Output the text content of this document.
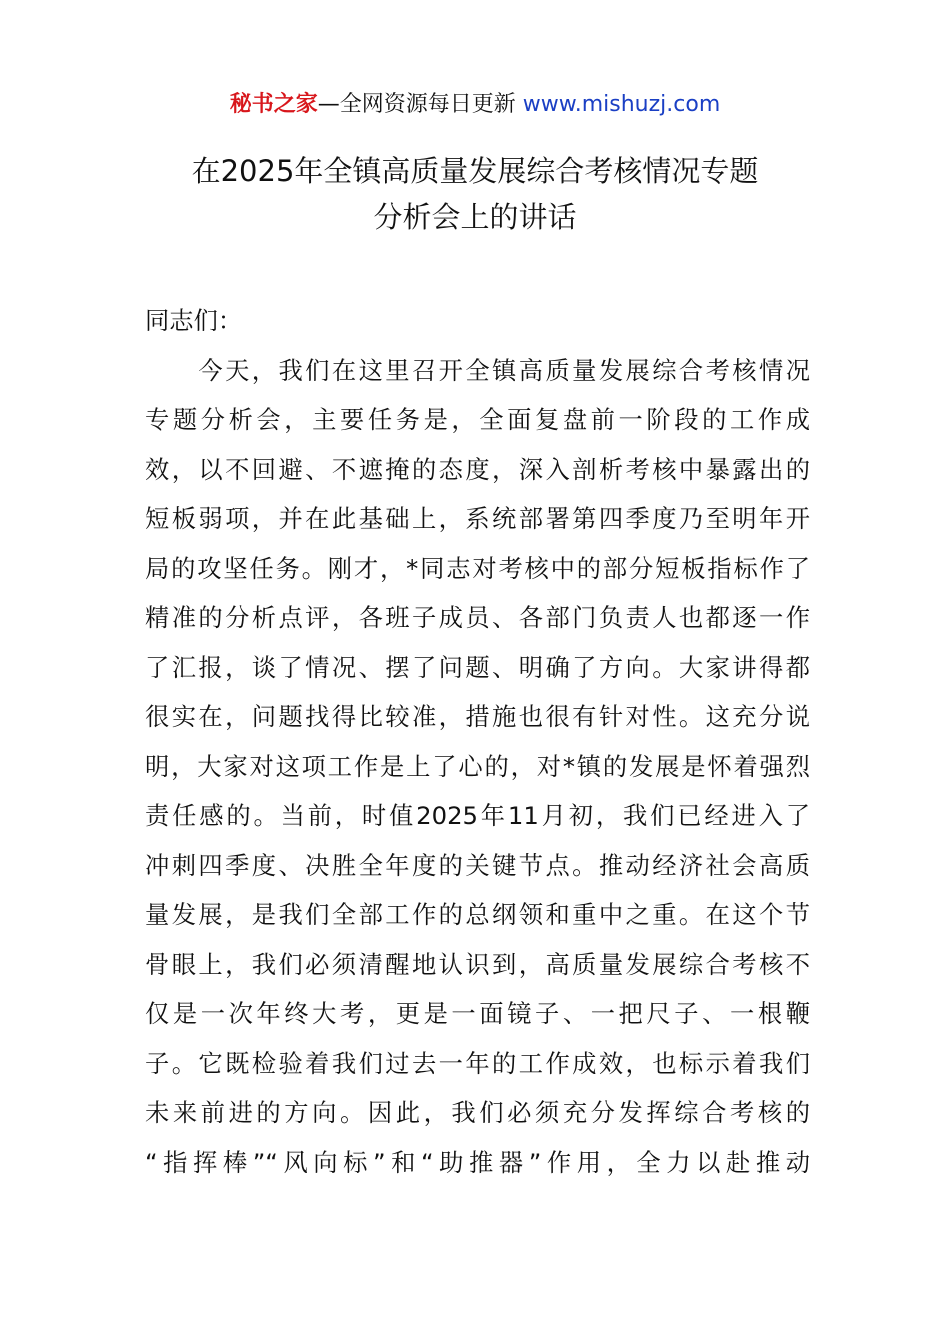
秘书之家—全网资源每日更新 www.mishuzj.com
在2025年全镇高质量发展综合考核情况专题
分析会上的讲话
同志们：
　　今天，我们在这里召开全镇高质量发展综合考核情况
专题分析会，主要任务是，全面复盘前一阶段的工作成
效，以不回避、不遮掩的态度，深入剖析考核中暴露出的
短板弱项，并在此基础上，系统部署第四季度乃至明年开
局的攻坚任务。刚才，*同志对考核中的部分短板指标作了
精准的分析点评，各班子成员、各部门负责人也都逐一作
了汇报，谈了情况、摆了问题、明确了方向。大家讲得都
很实在，问题找得比较准，措施也很有针对性。这充分说
明，大家对这项工作是上了心的，对*镇的发展是怀着强烈
责任感的。当前，时值2025年11月初，我们已经进入了
冲刺四季度、决胜全年度的关键节点。推动经济社会高质
量发展，是我们全部工作的总纲领和重中之重。在这个节
骨眼上，我们必须清醒地认识到，高质量发展综合考核不
仅是一次年终大考，更是一面镜子、一把尺子、一根鞭
子。它既检验着我们过去一年的工作成效，也标示着我们
未来前进的方向。因此，我们必须充分发挥综合考核的
“指挥棒”“风向标”和“助推器”作用，全力以赴推动
